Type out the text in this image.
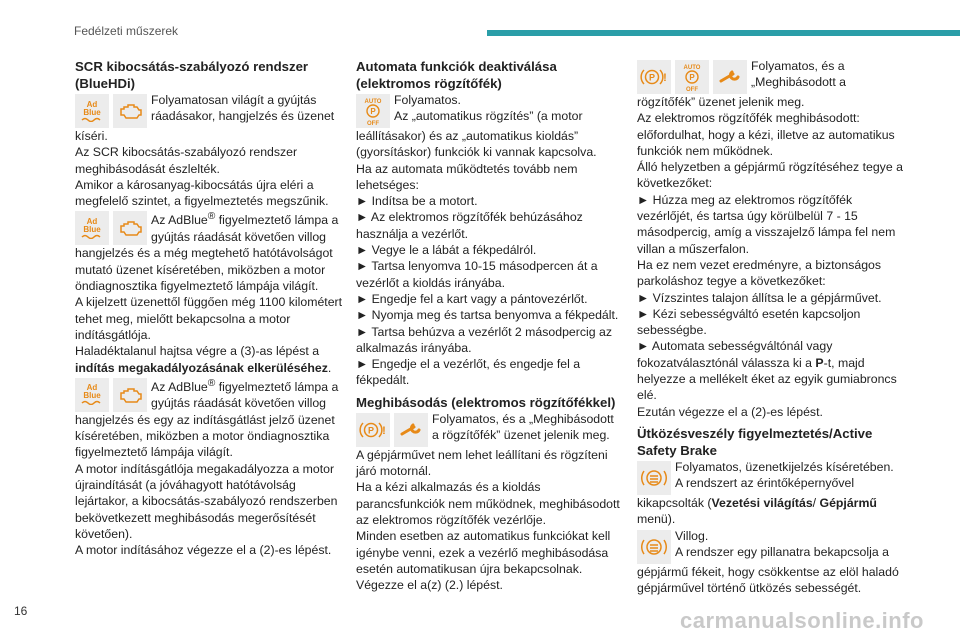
Fedélzeti műszerek

SCR kibocsátás-szabályozó rendszer (BlueHDi)

Ad
Blue

Folyamatosan világít a gyújtás ráadásakor, hangjelzés és üzenet

kíséri.

Az SCR kibocsátás-szabályozó rendszer meghibásodását észlelték.

Amikor a károsanyag-kibocsátás újra eléri a megfelelő szintet, a figyelmeztetés megszűnik.

Ad
Blue

Az AdBlue® figyelmeztető lámpa a gyújtás ráadását követően villog

hangjelzés és a még megtehető hatótávolságot mutató üzenet kíséretében, miközben a motor öndiagnosztika figyelmeztető lámpája világít.

A kijelzett üzenettől függően még 1100 kilométert tehet meg, mielőtt bekapcsolna a motor indításgátlója.

Haladéktalanul hajtsa végre a (3)-as lépést a indítás megakadályozásának elkerüléséhez.

Ad
Blue

Az AdBlue® figyelmeztető lámpa a gyújtás ráadását követően villog

hangjelzés és egy az indításgátlást jelző üzenet kíséretében, miközben a motor öndiagnosztika figyelmeztető lámpája világít.

A motor indításgátlója megakadályozza a motor újraindítását (a jóváhagyott hatótávolság lejártakor, a kibocsátás-szabályozó rendszerben bekövetkezett meghibásodás megerősítését követően).

A motor indításához végezze el a (2)-es lépést.

Automata funkciók deaktiválása (elektromos rögzítőfék)

AUTO
P
OFF

Folyamatos.
Az „automatikus rögzítés” (a motor

leállításakor) és az „automatikus kioldás” (gyorsításkor) funkciók ki vannak kapcsolva.

Ha az automata működtetés tovább nem lehetséges:

► Indítsa be a motort.

► Az elektromos rögzítőfék behúzásához használja a vezérlőt.

► Vegye le a lábát a fékpedálról.

► Tartsa lenyomva 10-15 másodpercen át a vezérlőt a kioldás irányába.

► Engedje fel a kart vagy a pántovezérlőt.

► Nyomja meg és tartsa benyomva a fékpedált.

► Tartsa behúzva a vezérlőt 2 másodpercig az alkalmazás irányába.

► Engedje el a vezérlőt, és engedje fel a fékpedált.

Meghibásodás (elektromos rögzítőfékkel)

P !

Folyamatos, és a „Meghibásodott a rögzítőfék” üzenet jelenik meg.

A gépjárművet nem lehet leállítani és rögzíteni járó motornál.

Ha a kézi alkalmazás és a kioldás parancsfunkciók nem működnek, meghibásodott az elektromos rögzítőfék vezérlője.

Minden esetben az automatikus funkciókat kell igénybe venni, ezek a vezérlő meghibásodása esetén automatikusan újra bekapcsolnak.

Végezze el a(z) (2.) lépést.

P !
AUTO
P
OFF

Folyamatos, és a „Meghibásodott a

rögzítőfék” üzenet jelenik meg.

Az elektromos rögzítőfék meghibásodott: előfordulhat, hogy a kézi, illetve az automatikus funkciók nem működnek.

Álló helyzetben a gépjármű rögzítéséhez tegye a következőket:

► Húzza meg az elektromos rögzítőfék vezérlőjét, és tartsa úgy körülbelül 7 - 15 másodpercig, amíg a visszajelző lámpa fel nem villan a műszerfalon.

Ha ez nem vezet eredményre, a biztonságos parkoláshoz tegye a következőket:

► Vízszintes talajon állítsa le a gépjárművet.

► Kézi sebességváltó esetén kapcsoljon sebességbe.

► Automata sebességváltónál vagy fokozatválasztónál válassza ki a P-t, majd helyezze a mellékelt éket az egyik gumiabroncs elé.

Ezután végezze el a (2)-es lépést.

Ütközésveszély figyelmeztetés/Active Safety Brake

Folyamatos, üzenetkijelzés kíséretében.
A rendszert az érintőképernyővel

kikapcsolták (Vezetési világítás/ Gépjármű menü).

Villog.
A rendszer egy pillanatra bekapcsolja a

gépjármű fékeit, hogy csökkentse az elöl haladó gépjárművel történő ütközés sebességét.

16	carmanualsonline.info
